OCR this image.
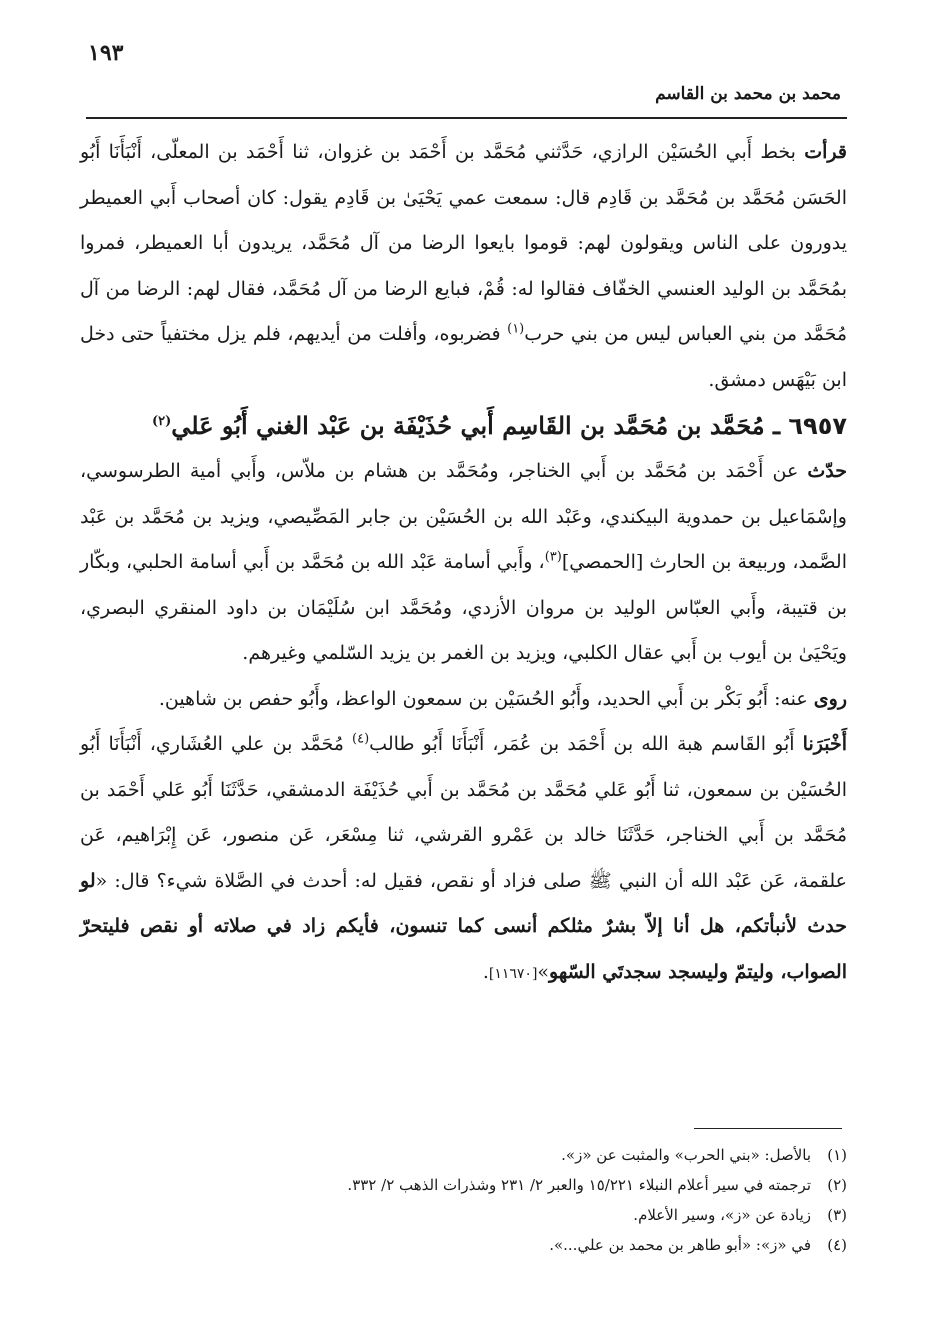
١٩٣
محمد بن محمد بن القاسم

قرأت بخط أَبي الحُسَيْن الرازي، حَدَّثني مُحَمَّد بن أَحْمَد بن غزوان، ثنا أَحْمَد بن المعلّى، أَنْبَأَنَا أَبُو الحَسَن مُحَمَّد بن مُحَمَّد بن قَادِم قال: سمعت عمي يَحْيَىٰ بن قَادِم يقول: كان أصحاب أَبي العميطر يدورون على الناس ويقولون لهم: قوموا بايعوا الرضا من آل مُحَمَّد، يريدون أبا العميطر، فمروا بمُحَمَّد بن الوليد العنسي الخفّاف فقالوا له: قُمْ، فبايع الرضا من آل مُحَمَّد، فقال لهم: الرضا من آل مُحَمَّد من بني العباس ليس من بني حرب$^{(١)}$ فضربوه، وأفلت من أيديهم، فلم يزل مختفياً حتى دخل ابن بَيْهَس دمشق.

٦٩٥٧ ـ مُحَمَّد بن مُحَمَّد بن القَاسِم أَبي حُذَيْفَة بن عَبْد الغني أَبُو عَلي$^{(٢)}$

حدّث عن أَحْمَد بن مُحَمَّد بن أَبي الخناجر، ومُحَمَّد بن هشام بن ملاّس، وأَبي أمية الطرسوسي، وإسْمَاعيل بن حمدوية البيكندي، وعَبْد الله بن الحُسَيْن بن جابر المَصِّيصي، ويزيد بن مُحَمَّد بن عَبْد الصَّمد، وربيعة بن الحارث [الحمصي]$^{(٣)}$، وأَبي أسامة عَبْد الله بن مُحَمَّد بن أَبي أسامة الحلبي، وبكّار بن قتيبة، وأَبي العبّاس الوليد بن مروان الأزدي، ومُحَمَّد ابن سُلَيْمَان بن داود المنقري البصري، ويَحْيَىٰ بن أيوب بن أَبي عقال الكلبي، ويزيد بن الغمر بن يزيد السّلمي وغيرهم.

روى عنه: أَبُو بَكْر بن أَبي الحديد، وأَبُو الحُسَيْن بن سمعون الواعظ، وأَبُو حفص بن شاهين.

أَخْبَرَنا أَبُو القَاسم هبة الله بن أَحْمَد بن عُمَر، أَنْبَأَنَا أَبُو طالب$^{(٤)}$ مُحَمَّد بن علي العُشَاري، أَنْبَأَنَا أَبُو الحُسَيْن بن سمعون، ثنا أَبُو عَلي مُحَمَّد بن مُحَمَّد بن أَبي حُذَيْفَة الدمشقي، حَدَّثَنَا أَبُو عَلي أَحْمَد بن مُحَمَّد بن أَبي الخناجر، حَدَّثَنَا خالد بن عَمْرو القرشي، ثنا مِسْعَر، عَن منصور، عَن إِبْرَاهيم، عَن علقمة، عَن عَبْد الله أن النبي ﷺ صلى فزاد أو نقص، فقيل له: أحدث في الصَّلاة شيء؟ قال: «لو حدث لأنبأتكم، هل أنا إلاّ بشرٌ مثلكم أنسى كما تنسون، فأيكم زاد في صلاته أو نقص فليتحرّ الصواب، وليتمّ وليسجد سجدتَي السّهو»[١١٦٧٠].

(١)بالأصل: «بني الحرب» والمثبت عن «ز».

(٢)ترجمته في سير أعلام النبلاء ١٥/٢٢١ والعبر ٢/ ٢٣١ وشذرات الذهب ٢/ ٣٣٢.

(٣)زيادة عن «ز»، وسير الأعلام.

(٤)في «ز»: «أبو طاهر بن محمد بن علي...».
